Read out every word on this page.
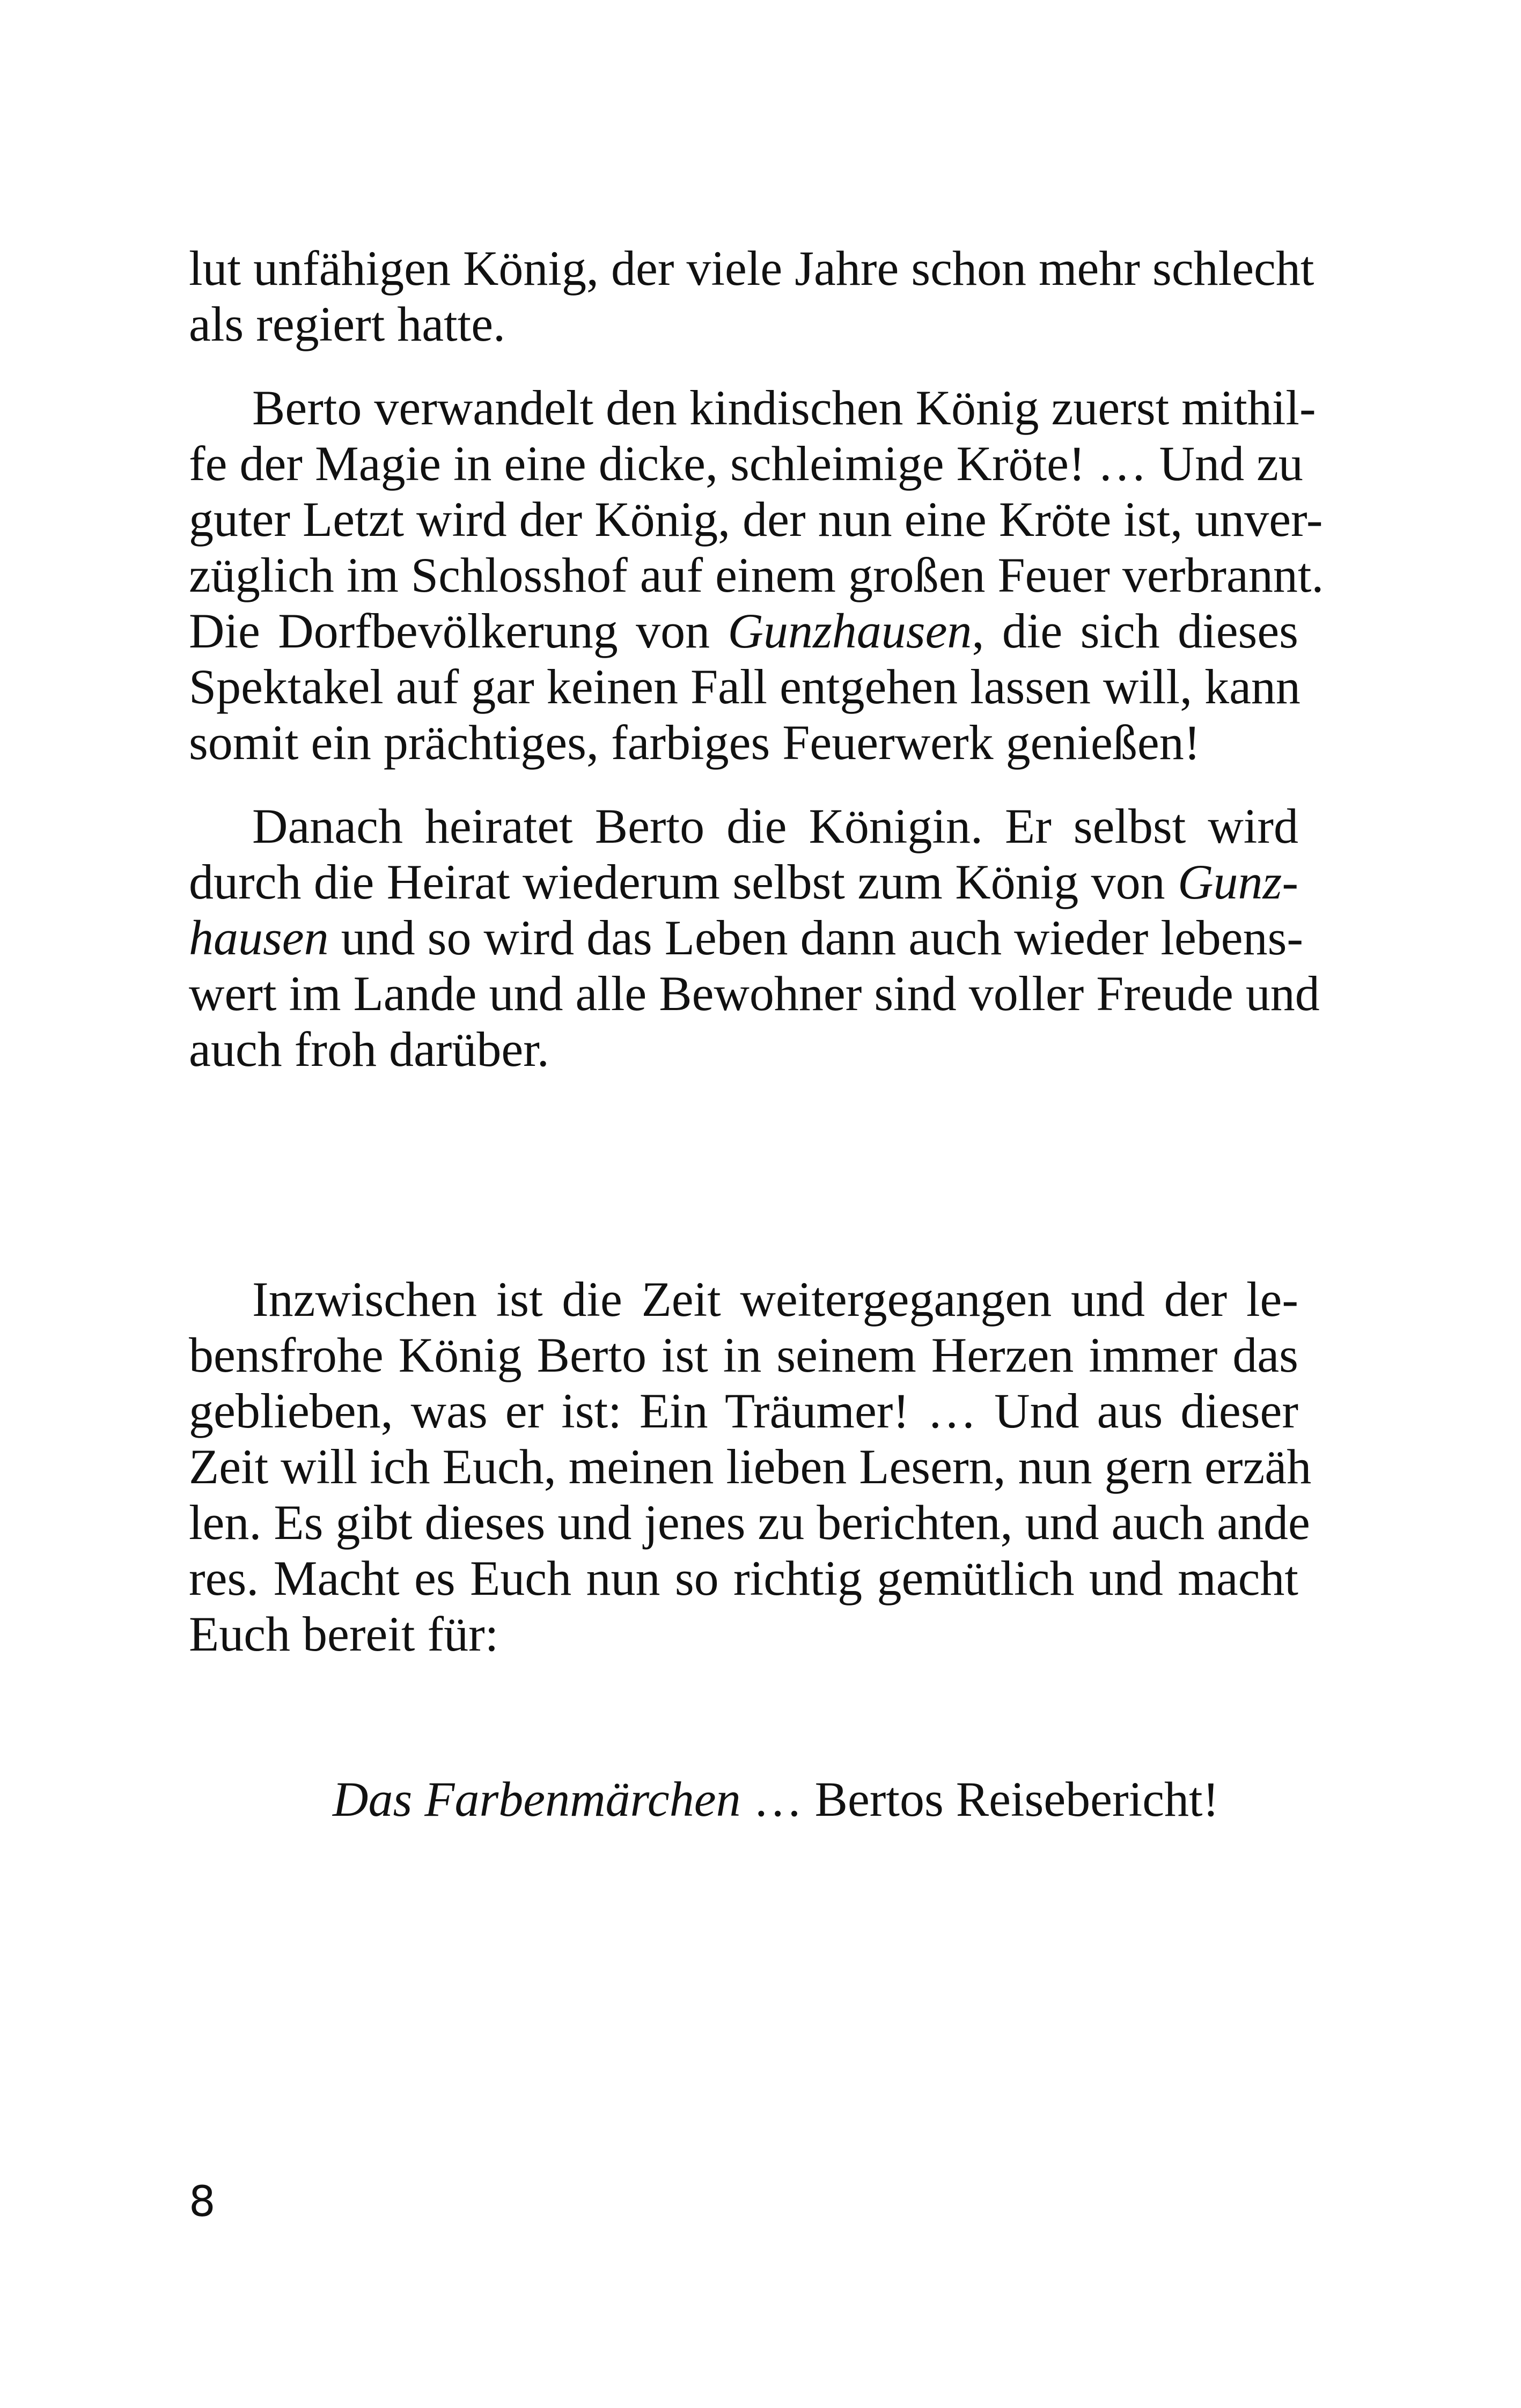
lut unfähigen König, der viele Jahre schon mehr schlecht
als regiert hatte.
Berto verwandelt den kindischen König zuerst mithil-
fe der Magie in eine dicke, schleimige Kröte! … Und zu
guter Letzt wird der König, der nun eine Kröte ist, unver-
züglich im Schlosshof auf einem großen Feuer verbrannt.
Die Dorfbevölkerung von Gunzhausen, die sich dieses
Spektakel auf gar keinen Fall entgehen lassen will, kann
somit ein prächtiges, farbiges Feuerwerk genießen!
Danach heiratet Berto die Königin. Er selbst wird
durch die Heirat wiederum selbst zum König von Gunz-
hausen und so wird das Leben dann auch wieder lebens-
wert im Lande und alle Bewohner sind voller Freude und
auch froh darüber.
Inzwischen ist die Zeit weitergegangen und der le-
bensfrohe König Berto ist in seinem Herzen immer das
geblieben, was er ist: Ein Träumer! … Und aus dieser
Zeit will ich Euch, meinen lieben Lesern, nun gern erzäh
len. Es gibt dieses und jenes zu berichten, und auch ande
res. Macht es Euch nun so richtig gemütlich und macht
Euch bereit für:
Das Farbenmärchen … Bertos Reisebericht!
8
